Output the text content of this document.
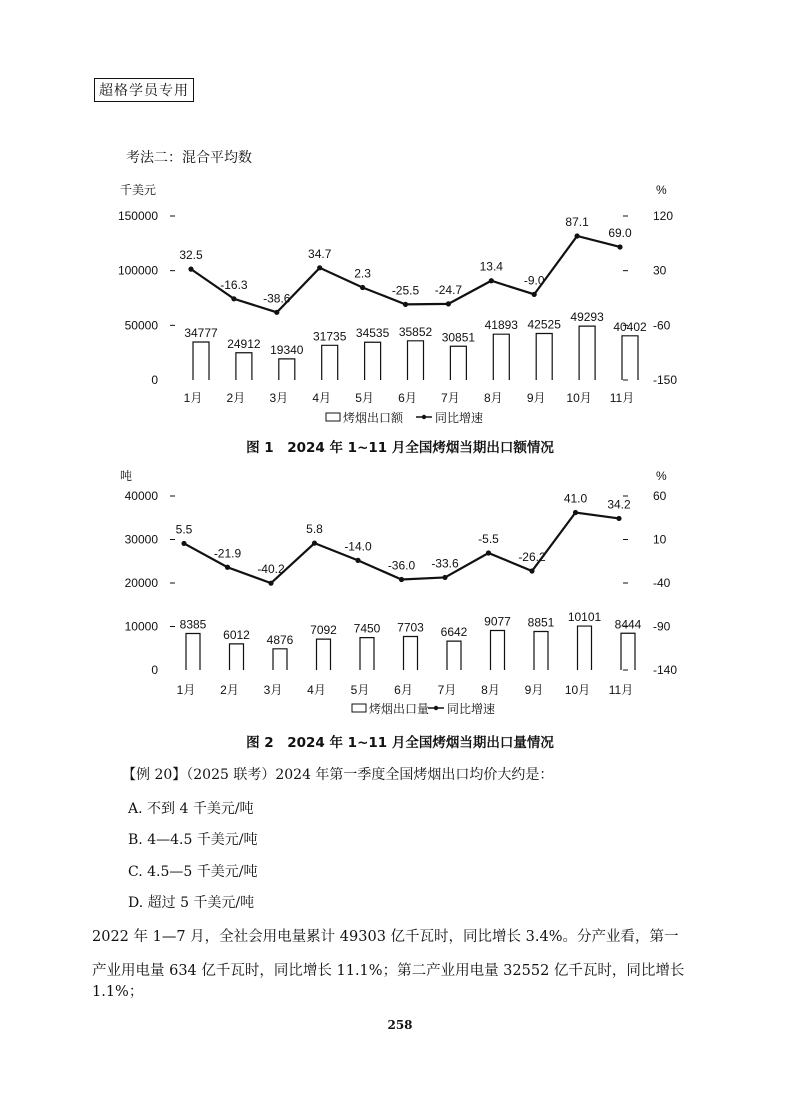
超格学员专用
考法二：混合平均数
千美元	%
150000
100000
50000
0
120
30
-60
-150
34777
24912 19340
31735 34535 35852 30851
41893 42525
49293
40402
32.5
-16.3
-38.6
34.7
2.3
-25.5 -24.7
13.4
-9.0
87.1
69.0
1月 2月 3月 4月 5月 6月 7月 8月 9月 10月 11月
烤烟出口额	同比增速
图 1　2024 年 1~11 月全国烤烟当期出口额情况
吨	%
40000
30000
20000
10000
0
60
10
-40
-90
-140
8385
6012 4876
7092 7450 7703 6642
9077 8851 10101
8444
5.5
-21.9
-40.2
5.8
-14.0
-36.0 -33.6
-5.5
-26.2
41.0 34.2
1月 2月 3月 4月 5月 6月 7月 8月 9月 10月 11月
烤烟出口量 同比增速
图 2　2024 年 1~11 月全国烤烟当期出口量情况
【例 20】（2025 联考）2024 年第一季度全国烤烟出口均价大约是：
A. 不到 4 千美元/吨
B. 4—4.5 千美元/吨
C. 4.5—5 千美元/吨
D. 超过 5 千美元/吨
2022 年 1—7 月，全社会用电量累计 49303 亿千瓦时，同比增长 3.4%。分产业看，第一
产业用电量 634 亿千瓦时，同比增长 11.1%；第二产业用电量 32552 亿千瓦时，同比增长 1.1%；
258
